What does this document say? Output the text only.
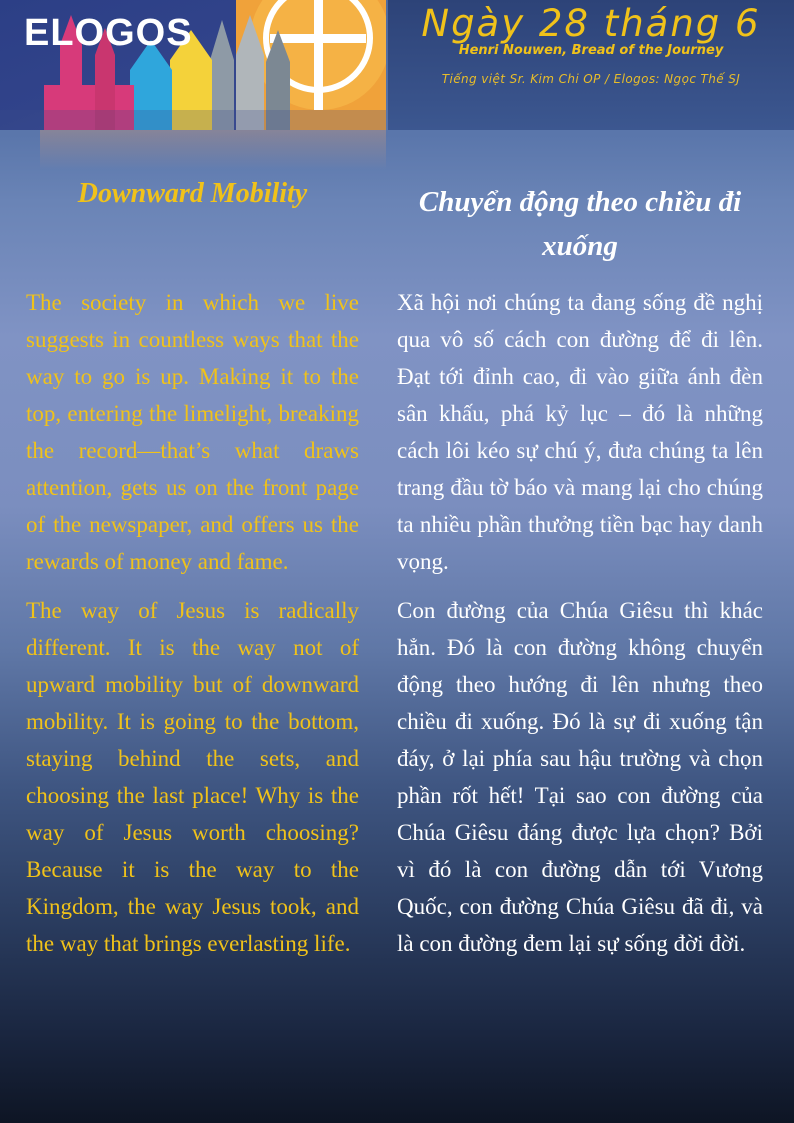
ELOGOS	Ngày 28 tháng 6
Henri Nouwen, Bread of the Journey
Tiếng việt Sr. Kim Chi OP / Elogos: Ngọc Thế SJ
Downward Mobility

The society in which we live suggests in countless ways that the way to go is up. Making it to the top, entering the limelight, breaking the record—that’s what draws attention, gets us on the front page of the newspaper, and offers us the rewards of money and fame.

The way of Jesus is radically different. It is the way not of upward mobility but of downward mobility. It is going to the bottom, staying behind the sets, and choosing the last place! Why is the way of Jesus worth choosing? Because it is the way to the Kingdom, the way Jesus took, and the way that brings everlasting life.

Chuyển động theo chiều đi xuống

Xã hội nơi chúng ta đang sống đề nghị qua vô số cách con đường để đi lên. Đạt tới đỉnh cao, đi vào giữa ánh đèn sân khấu, phá kỷ lục – đó là những cách lôi kéo sự chú ý, đưa chúng ta lên trang đầu tờ báo và mang lại cho chúng ta nhiều phần thưởng tiền bạc hay danh vọng.

Con đường của Chúa Giêsu thì khác hẳn. Đó là con đường không chuyển động theo hướng đi lên nhưng theo chiều đi xuống. Đó là sự đi xuống tận đáy, ở lại phía sau hậu trường và chọn phần rốt hết! Tại sao con đường của Chúa Giêsu đáng được lựa chọn? Bởi vì đó là con đường dẫn tới Vương Quốc, con đường Chúa Giêsu đã đi, và là con đường đem lại sự sống đời đời.
